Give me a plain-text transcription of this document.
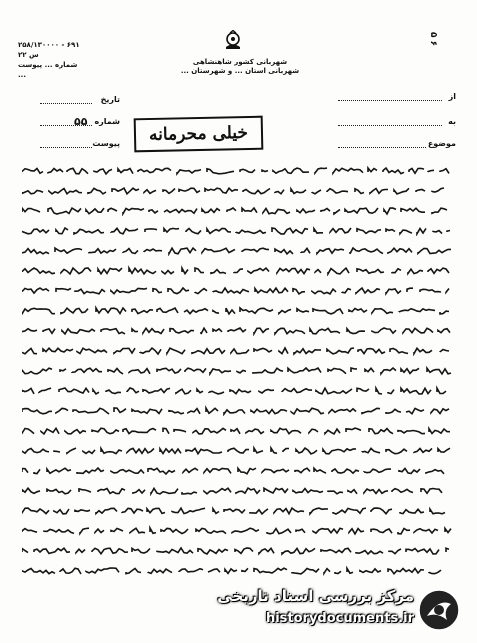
شهربانی کشور شاهنشاهی
شهربانی استان ... و شهرستان ...
۲۵۸/۱۳۰۰۰۰ - ۶۹۱ س ۲۲
شماره ... پیوست ...
۵ ۶
از
به
موضوع
تاریخ
شماره
۵۵
پیوست	خیلی محرمانه
مرکز بررسی اسناد تاریخی
historydocuments.ir
